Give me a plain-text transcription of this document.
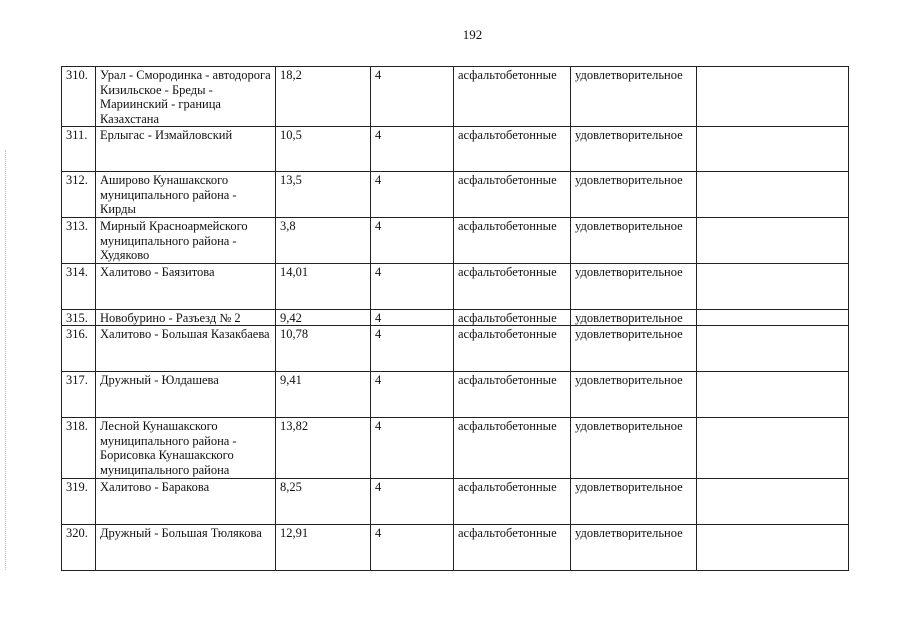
192
310.	Урал - Смородинка - автодорога Кизильское - Бреды - Мариинский - граница Казахстана	18,2	4	асфальтобетонные	удовлетворительное	
311.	Ерлыгас - Измайловский	10,5	4	асфальтобетонные	удовлетворительное	
312.	Аширово Кунашакского муниципального района - Кирды	13,5	4	асфальтобетонные	удовлетворительное	
313.	Мирный Красноармейского муниципального района - Худяково	3,8	4	асфальтобетонные	удовлетворительное	
314.	Халитово - Баязитова	14,01	4	асфальтобетонные	удовлетворительное	
315.	Новобурино - Разъезд № 2	9,42	4	асфальтобетонные	удовлетворительное	
316.	Халитово - Большая Казакбаева	10,78	4	асфальтобетонные	удовлетворительное	
317.	Дружный - Юлдашева	9,41	4	асфальтобетонные	удовлетворительное	
318.	Лесной Кунашакского муниципального района - Борисовка Кунашакского муниципального района	13,82	4	асфальтобетонные	удовлетворительное	
319.	Халитово - Баракова	8,25	4	асфальтобетонные	удовлетворительное	
320.	Дружный - Большая Тюлякова	12,91	4	асфальтобетонные	удовлетворительное	
